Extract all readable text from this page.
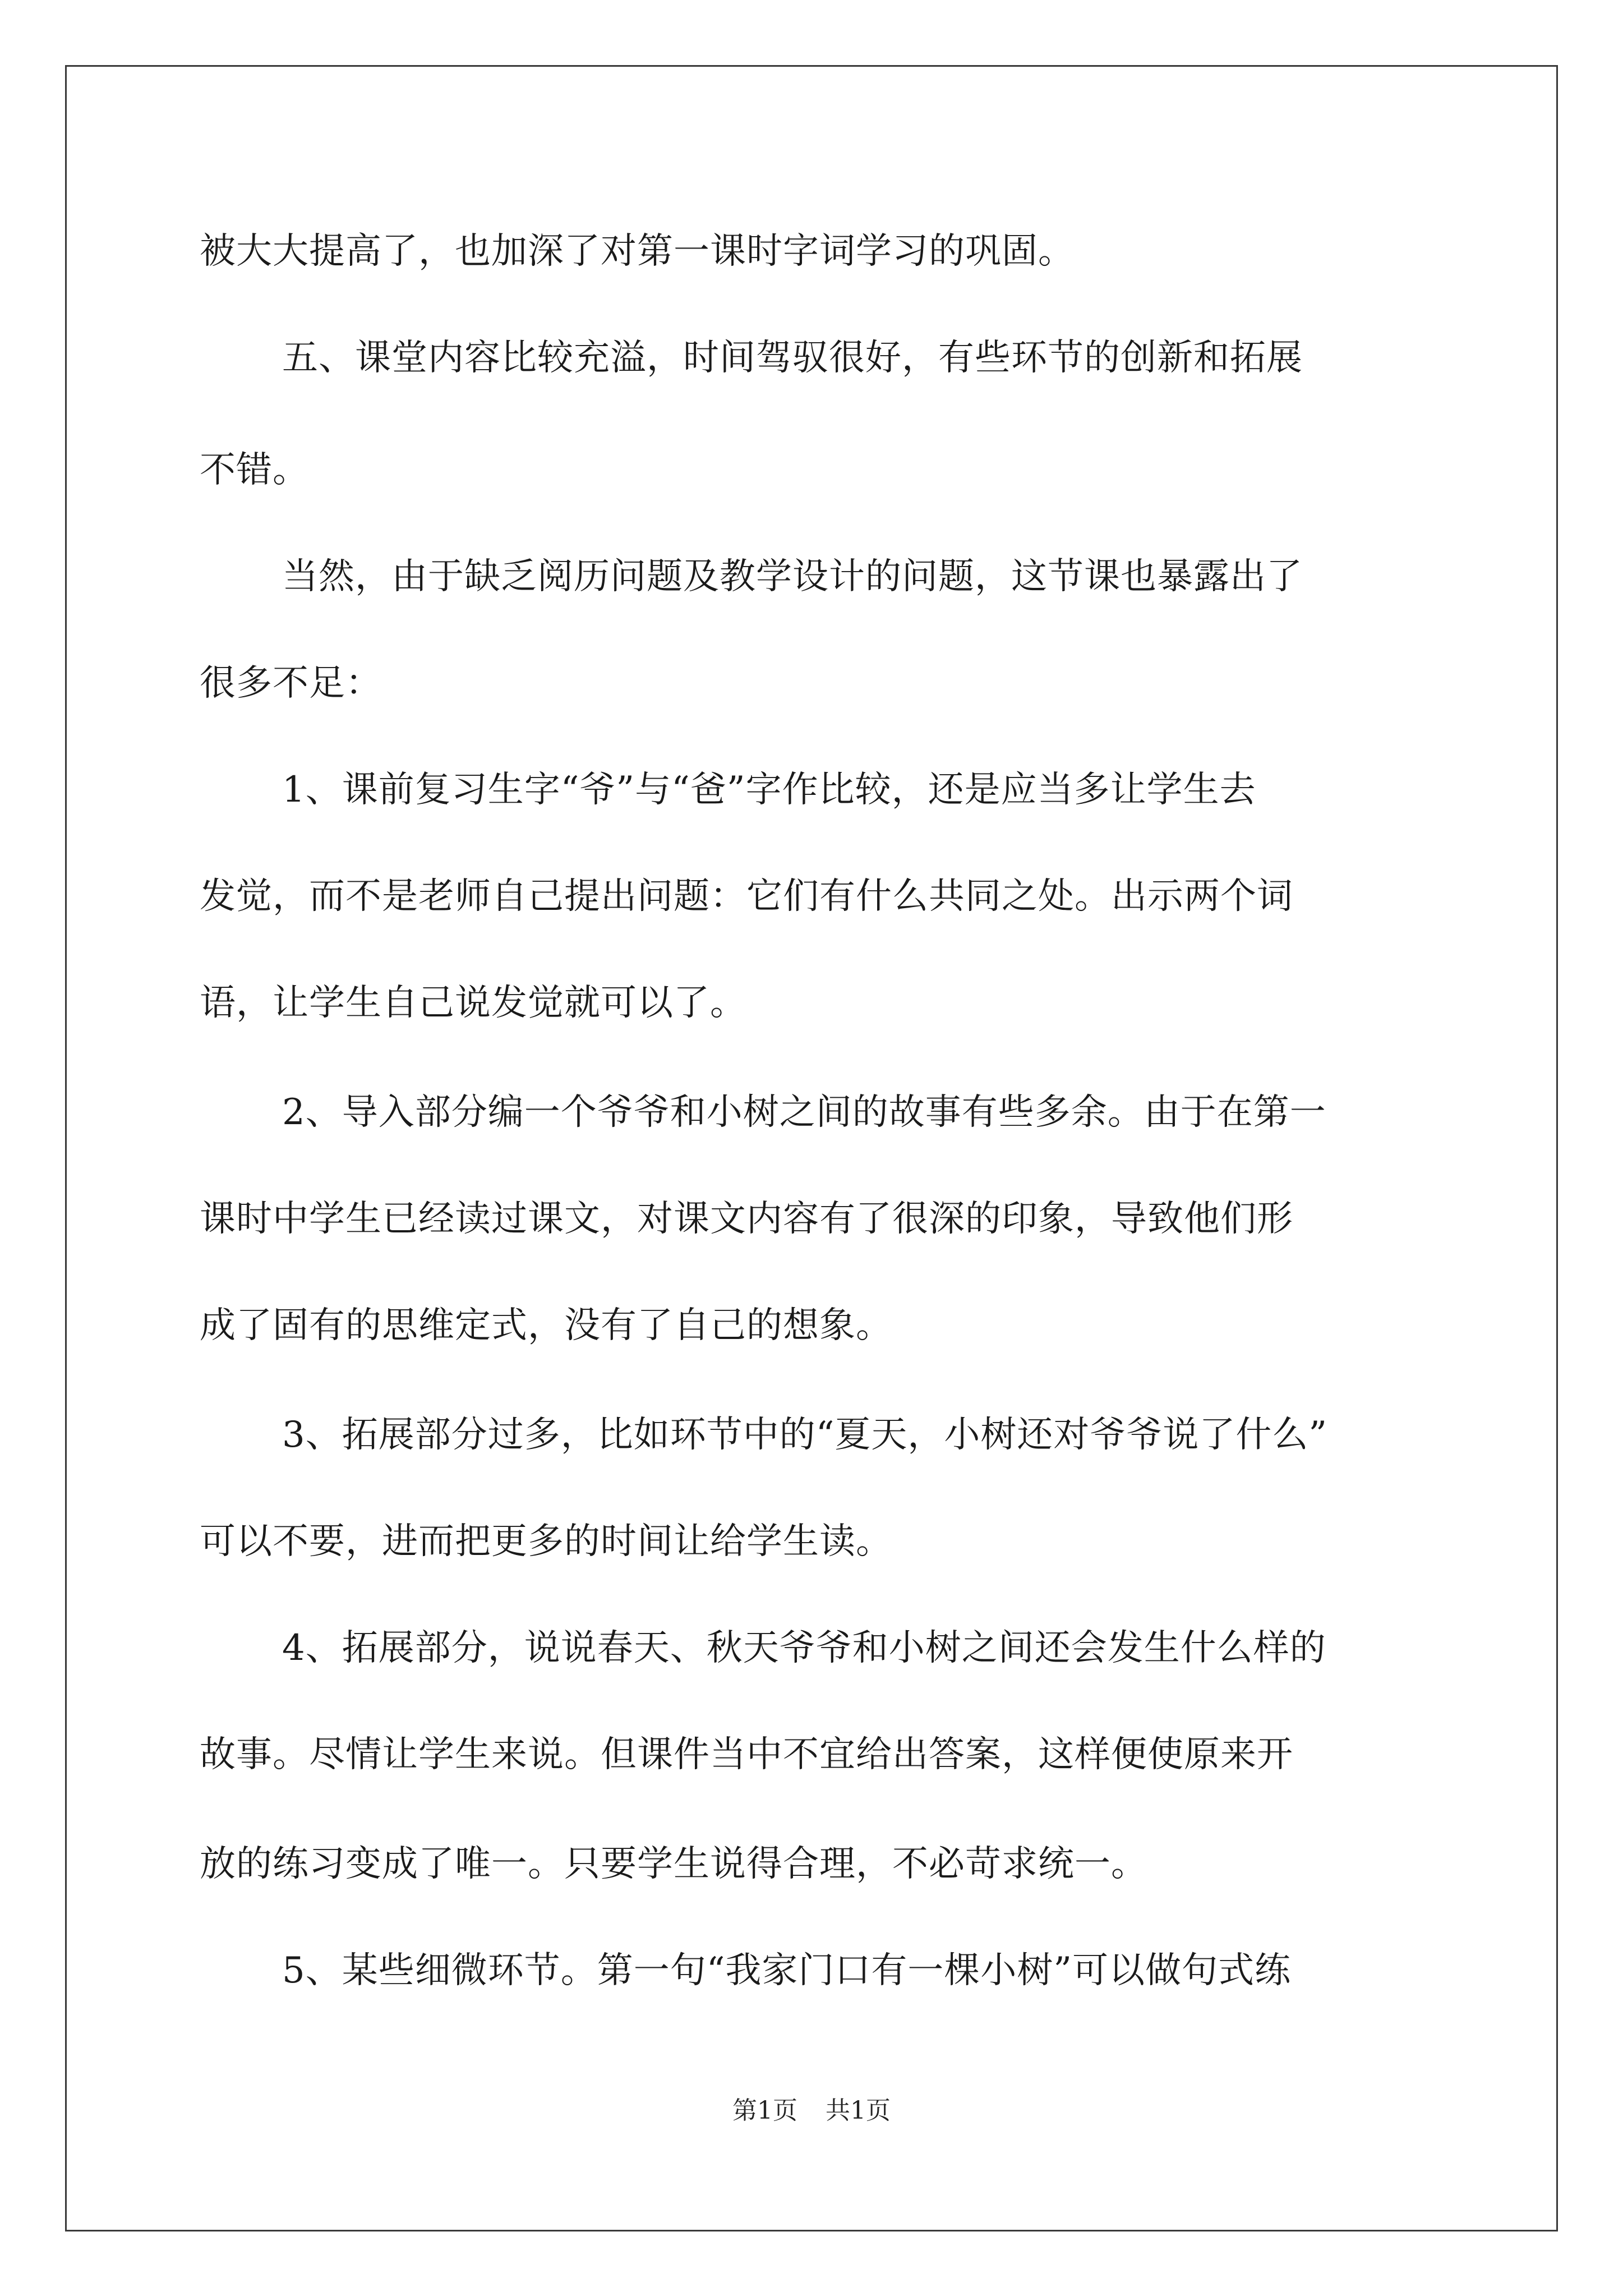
被大大提高了，也加深了对第一课时字词学习的巩固。
五、课堂内容比较充溢，时间驾驭很好，有些环节的创新和拓展
不错。
当然，由于缺乏阅历问题及教学设计的问题，这节课也暴露出了
很多不足：
1、课前复习生字“爷”与“爸”字作比较，还是应当多让学生去
发觉，而不是老师自己提出问题：它们有什么共同之处。出示两个词
语，让学生自己说发觉就可以了。
2、导入部分编一个爷爷和小树之间的故事有些多余。由于在第一
课时中学生已经读过课文，对课文内容有了很深的印象，导致他们形
成了固有的思维定式，没有了自己的想象。
3、拓展部分过多，比如环节中的“夏天，小树还对爷爷说了什么”
可以不要，进而把更多的时间让给学生读。
4、拓展部分，说说春天、秋天爷爷和小树之间还会发生什么样的
故事。尽情让学生来说。但课件当中不宜给出答案，这样便使原来开
放的练习变成了唯一。只要学生说得合理，不必苛求统一。
5、某些细微环节。第一句“我家门口有一棵小树”可以做句式练
第1页 共1页
